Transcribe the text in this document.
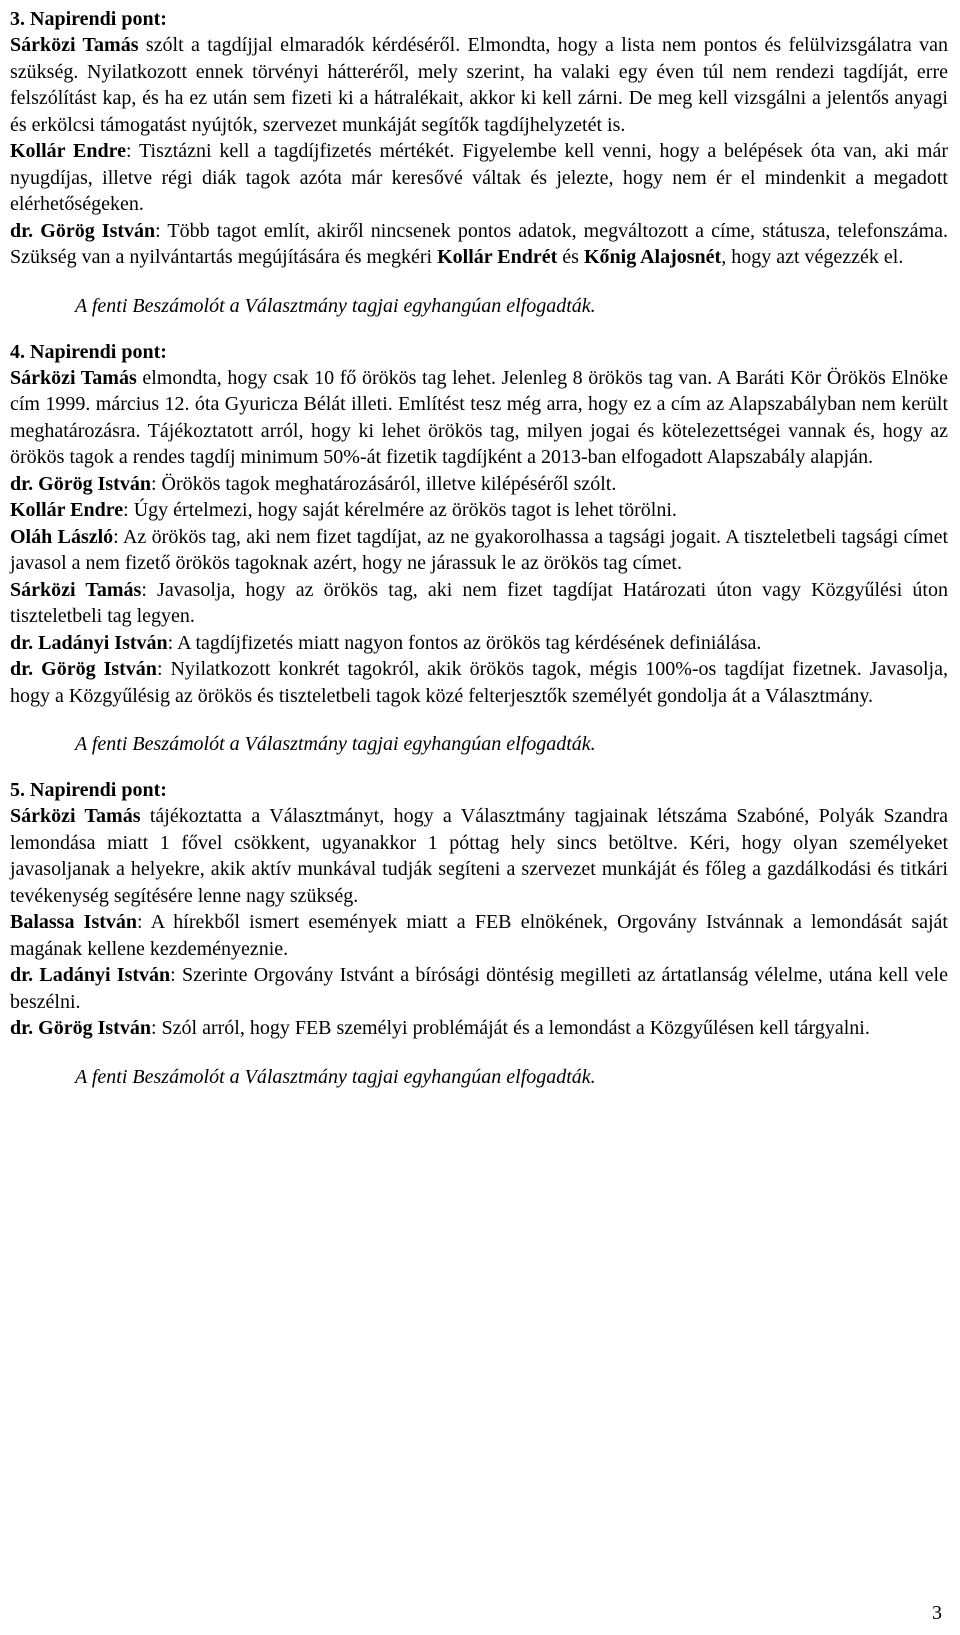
3. Napirendi pont:

Sárközi Tamás szólt a tagdíjjal elmaradók kérdéséről. Elmondta, hogy a lista nem pontos és felülvizsgálatra van szükség. Nyilatkozott ennek törvényi hátteréről, mely szerint, ha valaki egy éven túl nem rendezi tagdíját, erre felszólítást kap, és ha ez után sem fizeti ki a hátralékait, akkor ki kell zárni. De meg kell vizsgálni a jelentős anyagi és erkölcsi támogatást nyújtók, szervezet munkáját segítők tagdíjhelyzetét is.

Kollár Endre: Tisztázni kell a tagdíjfizetés mértékét. Figyelembe kell venni, hogy a belépések óta van, aki már nyugdíjas, illetve régi diák tagok azóta már keresővé váltak és jelezte, hogy nem ér el mindenkit a megadott elérhetőségeken.

dr. Görög István: Több tagot említ, akiről nincsenek pontos adatok, megváltozott a címe, státusza, telefonszáma. Szükség van a nyilvántartás megújítására és megkéri Kollár Endrét és Kőnig Alajosnét, hogy azt végezzék el.

A fenti Beszámolót a Választmány tagjai egyhangúan elfogadták.

4. Napirendi pont:

Sárközi Tamás elmondta, hogy csak 10 fő örökös tag lehet. Jelenleg 8 örökös tag van. A Baráti Kör Örökös Elnöke cím 1999. március 12. óta Gyuricza Bélát illeti. Említést tesz még arra, hogy ez a cím az Alapszabályban nem került meghatározásra. Tájékoztatott arról, hogy ki lehet örökös tag, milyen jogai és kötelezettségei vannak és, hogy az örökös tagok a rendes tagdíj minimum 50%-át fizetik tagdíjként a 2013-ban elfogadott Alapszabály alapján.

dr. Görög István: Örökös tagok meghatározásáról, illetve kilépéséről szólt.

Kollár Endre: Úgy értelmezi, hogy saját kérelmére az örökös tagot is lehet törölni.

Oláh László: Az örökös tag, aki nem fizet tagdíjat, az ne gyakorolhassa a tagsági jogait. A tiszteletbeli tagsági címet javasol a nem fizető örökös tagoknak azért, hogy ne járassuk le az örökös tag címet.

Sárközi Tamás: Javasolja, hogy az örökös tag, aki nem fizet tagdíjat Határozati úton vagy Közgyűlési úton tiszteletbeli tag legyen.

dr. Ladányi István: A tagdíjfizetés miatt nagyon fontos az örökös tag kérdésének definiálása.

dr. Görög István: Nyilatkozott konkrét tagokról, akik örökös tagok, mégis 100%-os tagdíjat fizetnek. Javasolja, hogy a Közgyűlésig az örökös és tiszteletbeli tagok közé felterjesztők személyét gondolja át a Választmány.

A fenti Beszámolót a Választmány tagjai egyhangúan elfogadták.

5. Napirendi pont:

Sárközi Tamás tájékoztatta a Választmányt, hogy a Választmány tagjainak létszáma Szabóné, Polyák Szandra lemondása miatt 1 fővel csökkent, ugyanakkor 1 póttag hely sincs betöltve. Kéri, hogy olyan személyeket javasoljanak a helyekre, akik aktív munkával tudják segíteni a szervezet munkáját és főleg a gazdálkodási és titkári tevékenység segítésére lenne nagy szükség.

Balassa István: A hírekből ismert események miatt a FEB elnökének, Orgovány Istvánnak a lemondását saját magának kellene kezdeményeznie.

dr. Ladányi István: Szerinte Orgovány Istvánt a bírósági döntésig megilleti az ártatlanság vélelme, utána kell vele beszélni.

dr. Görög István: Szól arról, hogy FEB személyi problémáját és a lemondást a Közgyűlésen kell tárgyalni.

A fenti Beszámolót a Választmány tagjai egyhangúan elfogadták.

3
